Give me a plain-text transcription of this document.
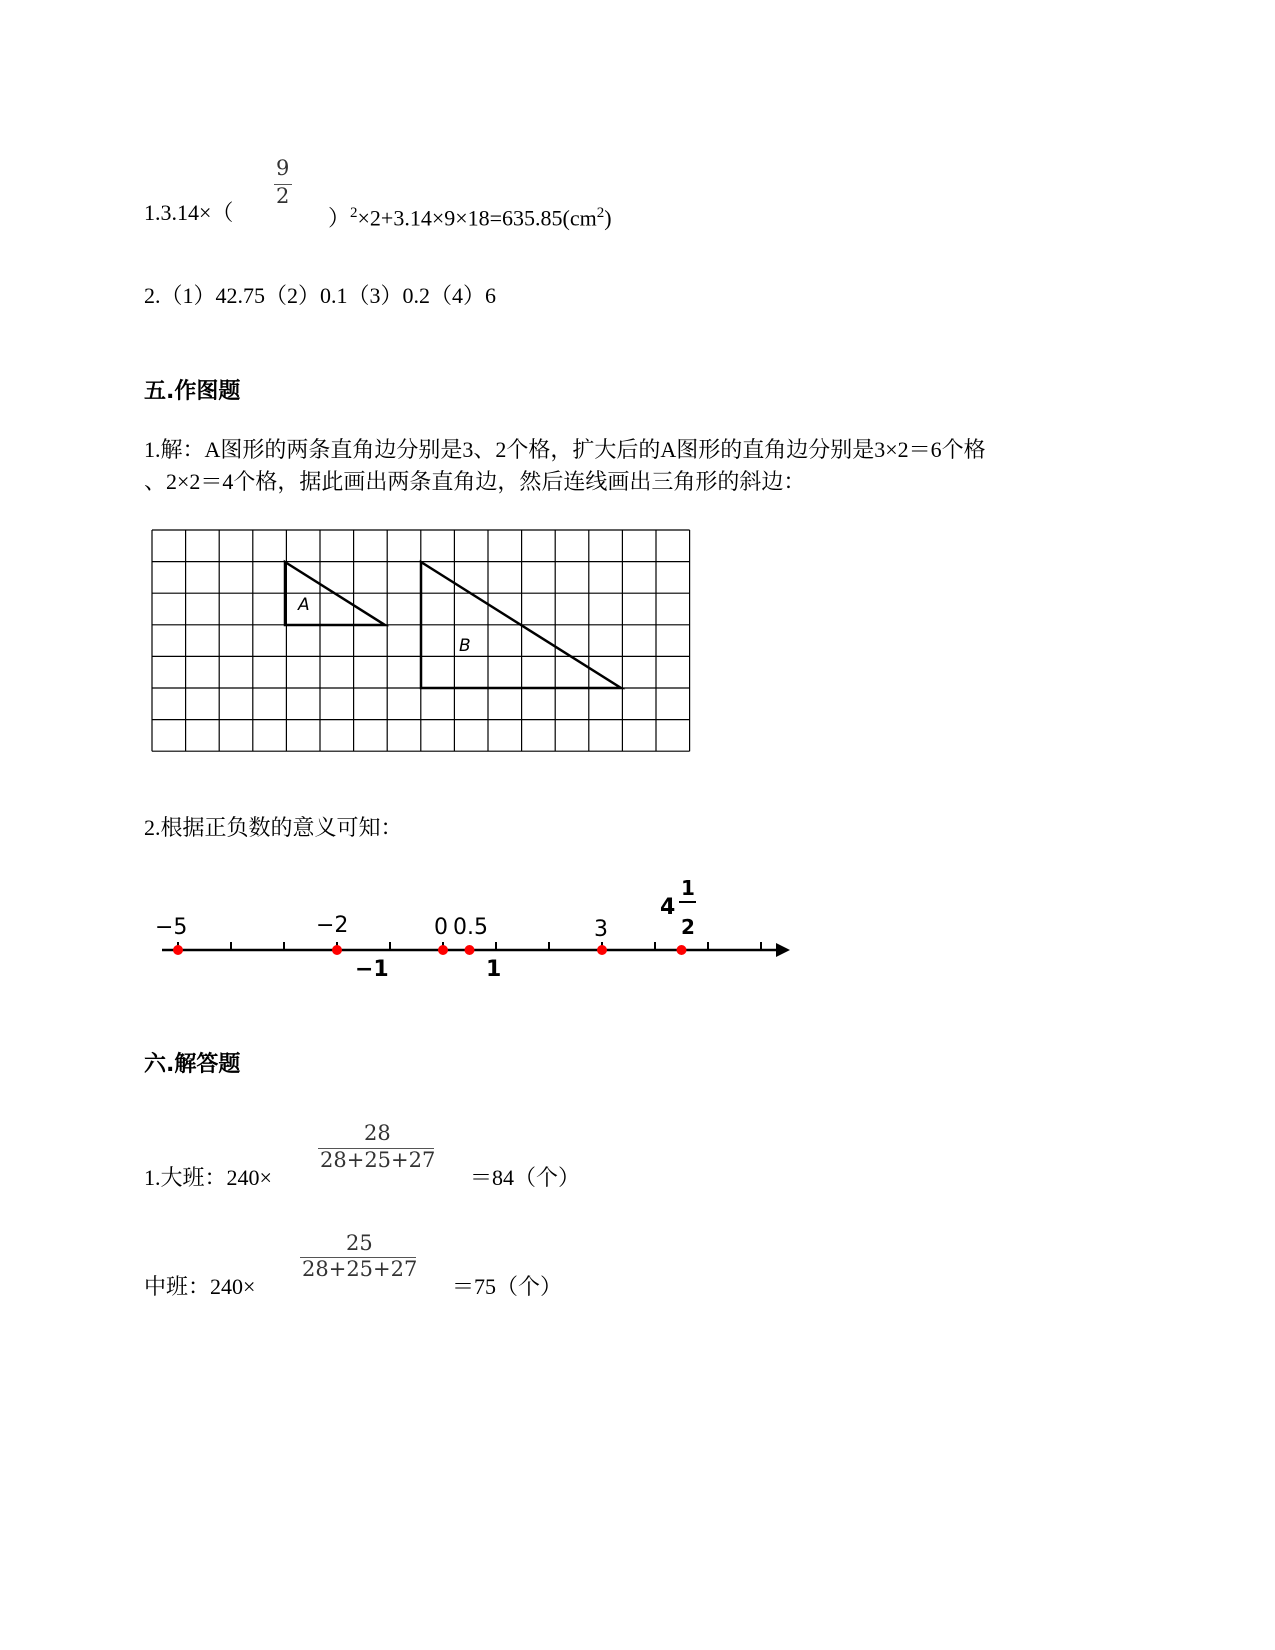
9
2
1.3.14×（	）$^2\times 2+3.14\times 9\times 18=635.85(cm^2)$
2.（1）42.75（2）0.1（3）0.2（4）6
五.作图题
1.解：A图形的两条直角边分别是3、2个格，扩大后的A图形的直角边分别是3×2＝6个格
、2×2＝4个格，据此画出两条直角边，然后连线画出三角形的斜边：
A
B
2.根据正负数的意义可知：
−5	−2	0 0.5	3
4
1
2
−1	1
六.解答题
28
28+25+27
1.大班：240×	＝84（个）
25
28+25+27
中班：240×	＝75（个）
